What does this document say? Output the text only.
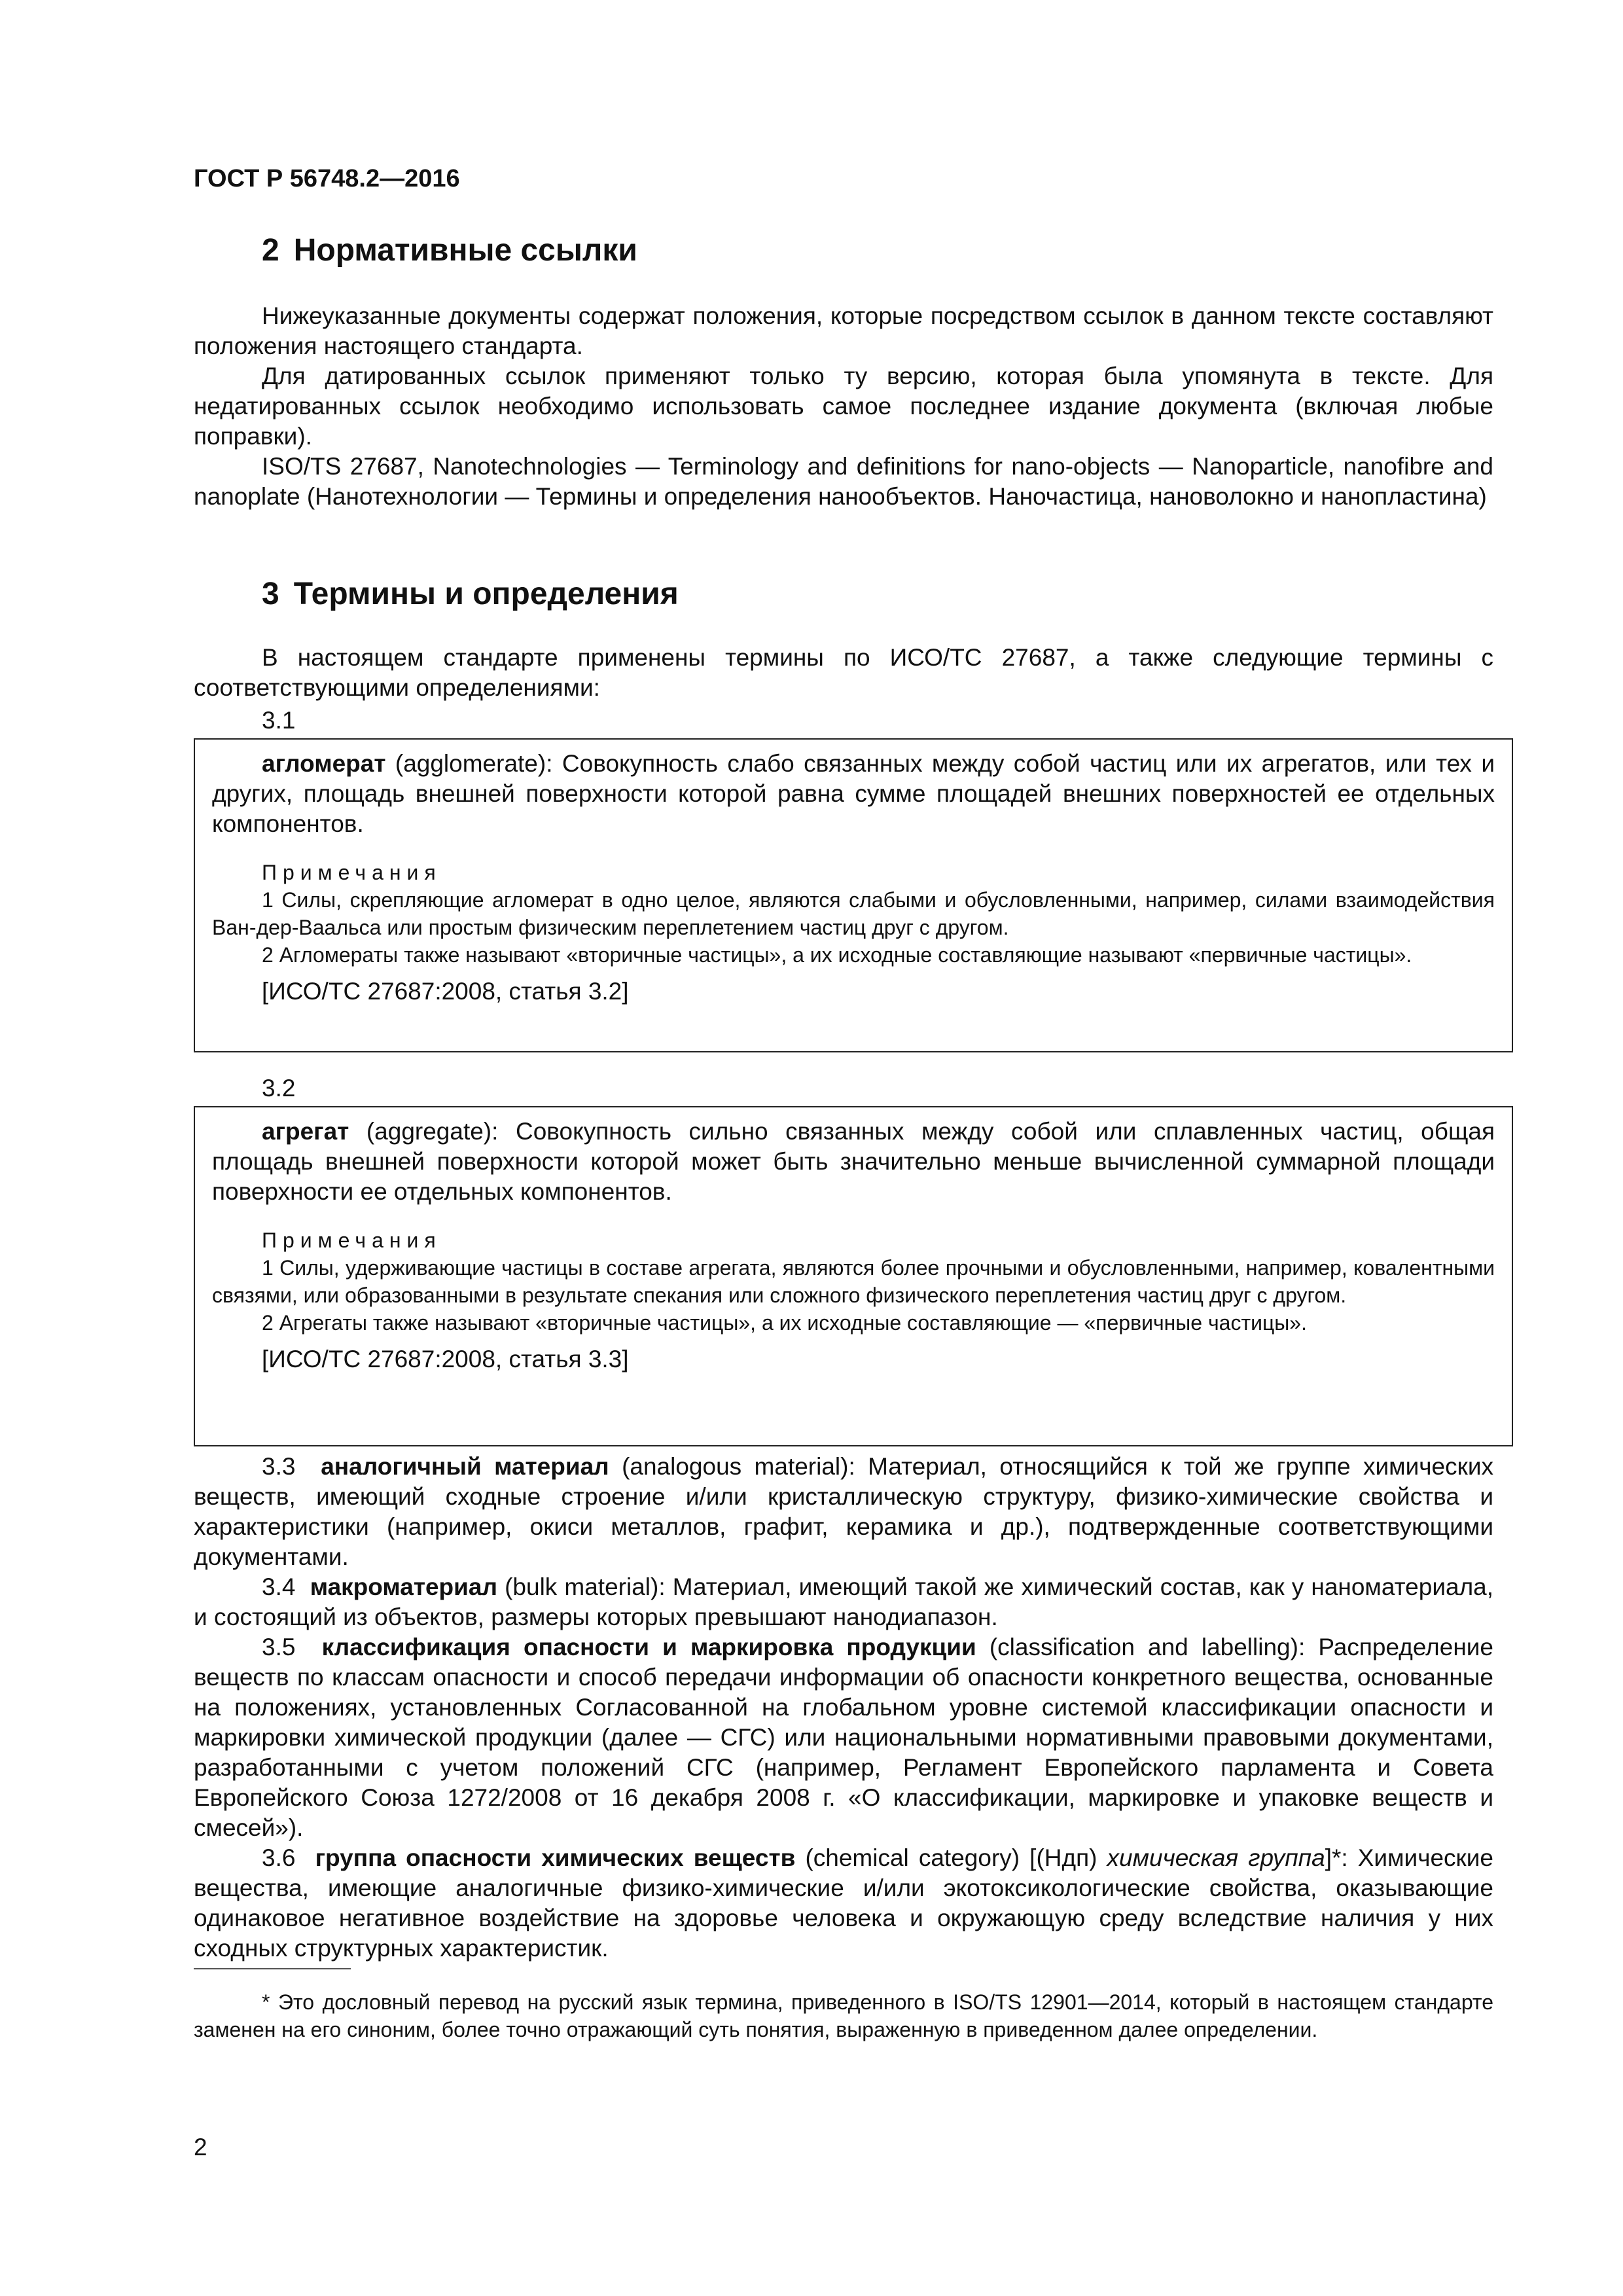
ГОСТ Р 56748.2—2016
2 Нормативные ссылки

Нижеуказанные документы содержат положения, которые посредством ссылок в данном тексте составляют положения настоящего стандарта.

Для датированных ссылок применяют только ту версию, которая была упомянута в тексте. Для недатированных ссылок необходимо использовать самое последнее издание документа (включая любые поправки).

ISO/TS 27687, Nanotechnologies — Terminology and definitions for nano-objects — Nanoparticle, nanofibre and nanoplate (Нанотехнологии — Термины и определения нанообъектов. Наночастица, нановолокно и нанопластина)

3 Термины и определения

В настоящем стандарте применены термины по ИСО/ТС 27687, а также следующие термины с соответствующими определениями:

3.1

агломерат (agglomerate): Совокупность слабо связанных между собой частиц или их агрегатов, или тех и других, площадь внешней поверхности которой равна сумме площадей внешних поверхностей ее отдельных компонентов.

Примечания
1 Силы, скрепляющие агломерат в одно целое, являются слабыми и обусловленными, например, силами взаимодействия Ван-дер-Ваальса или простым физическим переплетением частиц друг с другом.
2 Агломераты также называют «вторичные частицы», а их исходные составляющие называют «первичные частицы».
[ИСО/ТС 27687:2008, статья 3.2]
3.2

агрегат (aggregate): Совокупность сильно связанных между собой или сплавленных частиц, общая площадь внешней поверхности которой может быть значительно меньше вычисленной суммарной площади поверхности ее отдельных компонентов.

Примечания
1 Силы, удерживающие частицы в составе агрегата, являются более прочными и обусловленными, например, ковалентными связями, или образованными в результате спекания или сложного физического переплетения частиц друг с другом.
2 Агрегаты также называют «вторичные частицы», а их исходные составляющие — «первичные частицы».
[ИСО/ТС 27687:2008, статья 3.3]

3.3 аналогичный материал (analogous material): Материал, относящийся к той же группе химических веществ, имеющий сходные строение и/или кристаллическую структуру, физико-химические свойства и характеристики (например, окиси металлов, графит, керамика и др.), подтвержденные соответствующими документами.

3.4 макроматериал (bulk material): Материал, имеющий такой же химический состав, как у наноматериала, и состоящий из объектов, размеры которых превышают нанодиапазон.

3.5 классификация опасности и маркировка продукции (classification and labelling): Распределение веществ по классам опасности и способ передачи информации об опасности конкретного вещества, основанные на положениях, установленных Согласованной на глобальном уровне системой классификации опасности и маркировки химической продукции (далее — СГС) или национальными нормативными правовыми документами, разработанными с учетом положений СГС (например, Регламент Европейского парламента и Совета Европейского Союза 1272/2008 от 16 декабря 2008 г. «О классификации, маркировке и упаковке веществ и смесей»).

3.6 группа опасности химических веществ (chemical category) [(Ндп) химическая группа]*: Химические вещества, имеющие аналогичные физико-химические и/или экотоксикологические свойства, оказывающие одинаковое негативное воздействие на здоровье человека и окружающую среду вследствие наличия у них сходных структурных характеристик.

* Это дословный перевод на русский язык термина, приведенного в ISO/TS 12901—2014, который в настоящем стандарте заменен на его синоним, более точно отражающий суть понятия, выраженную в приведенном далее определении.
2
